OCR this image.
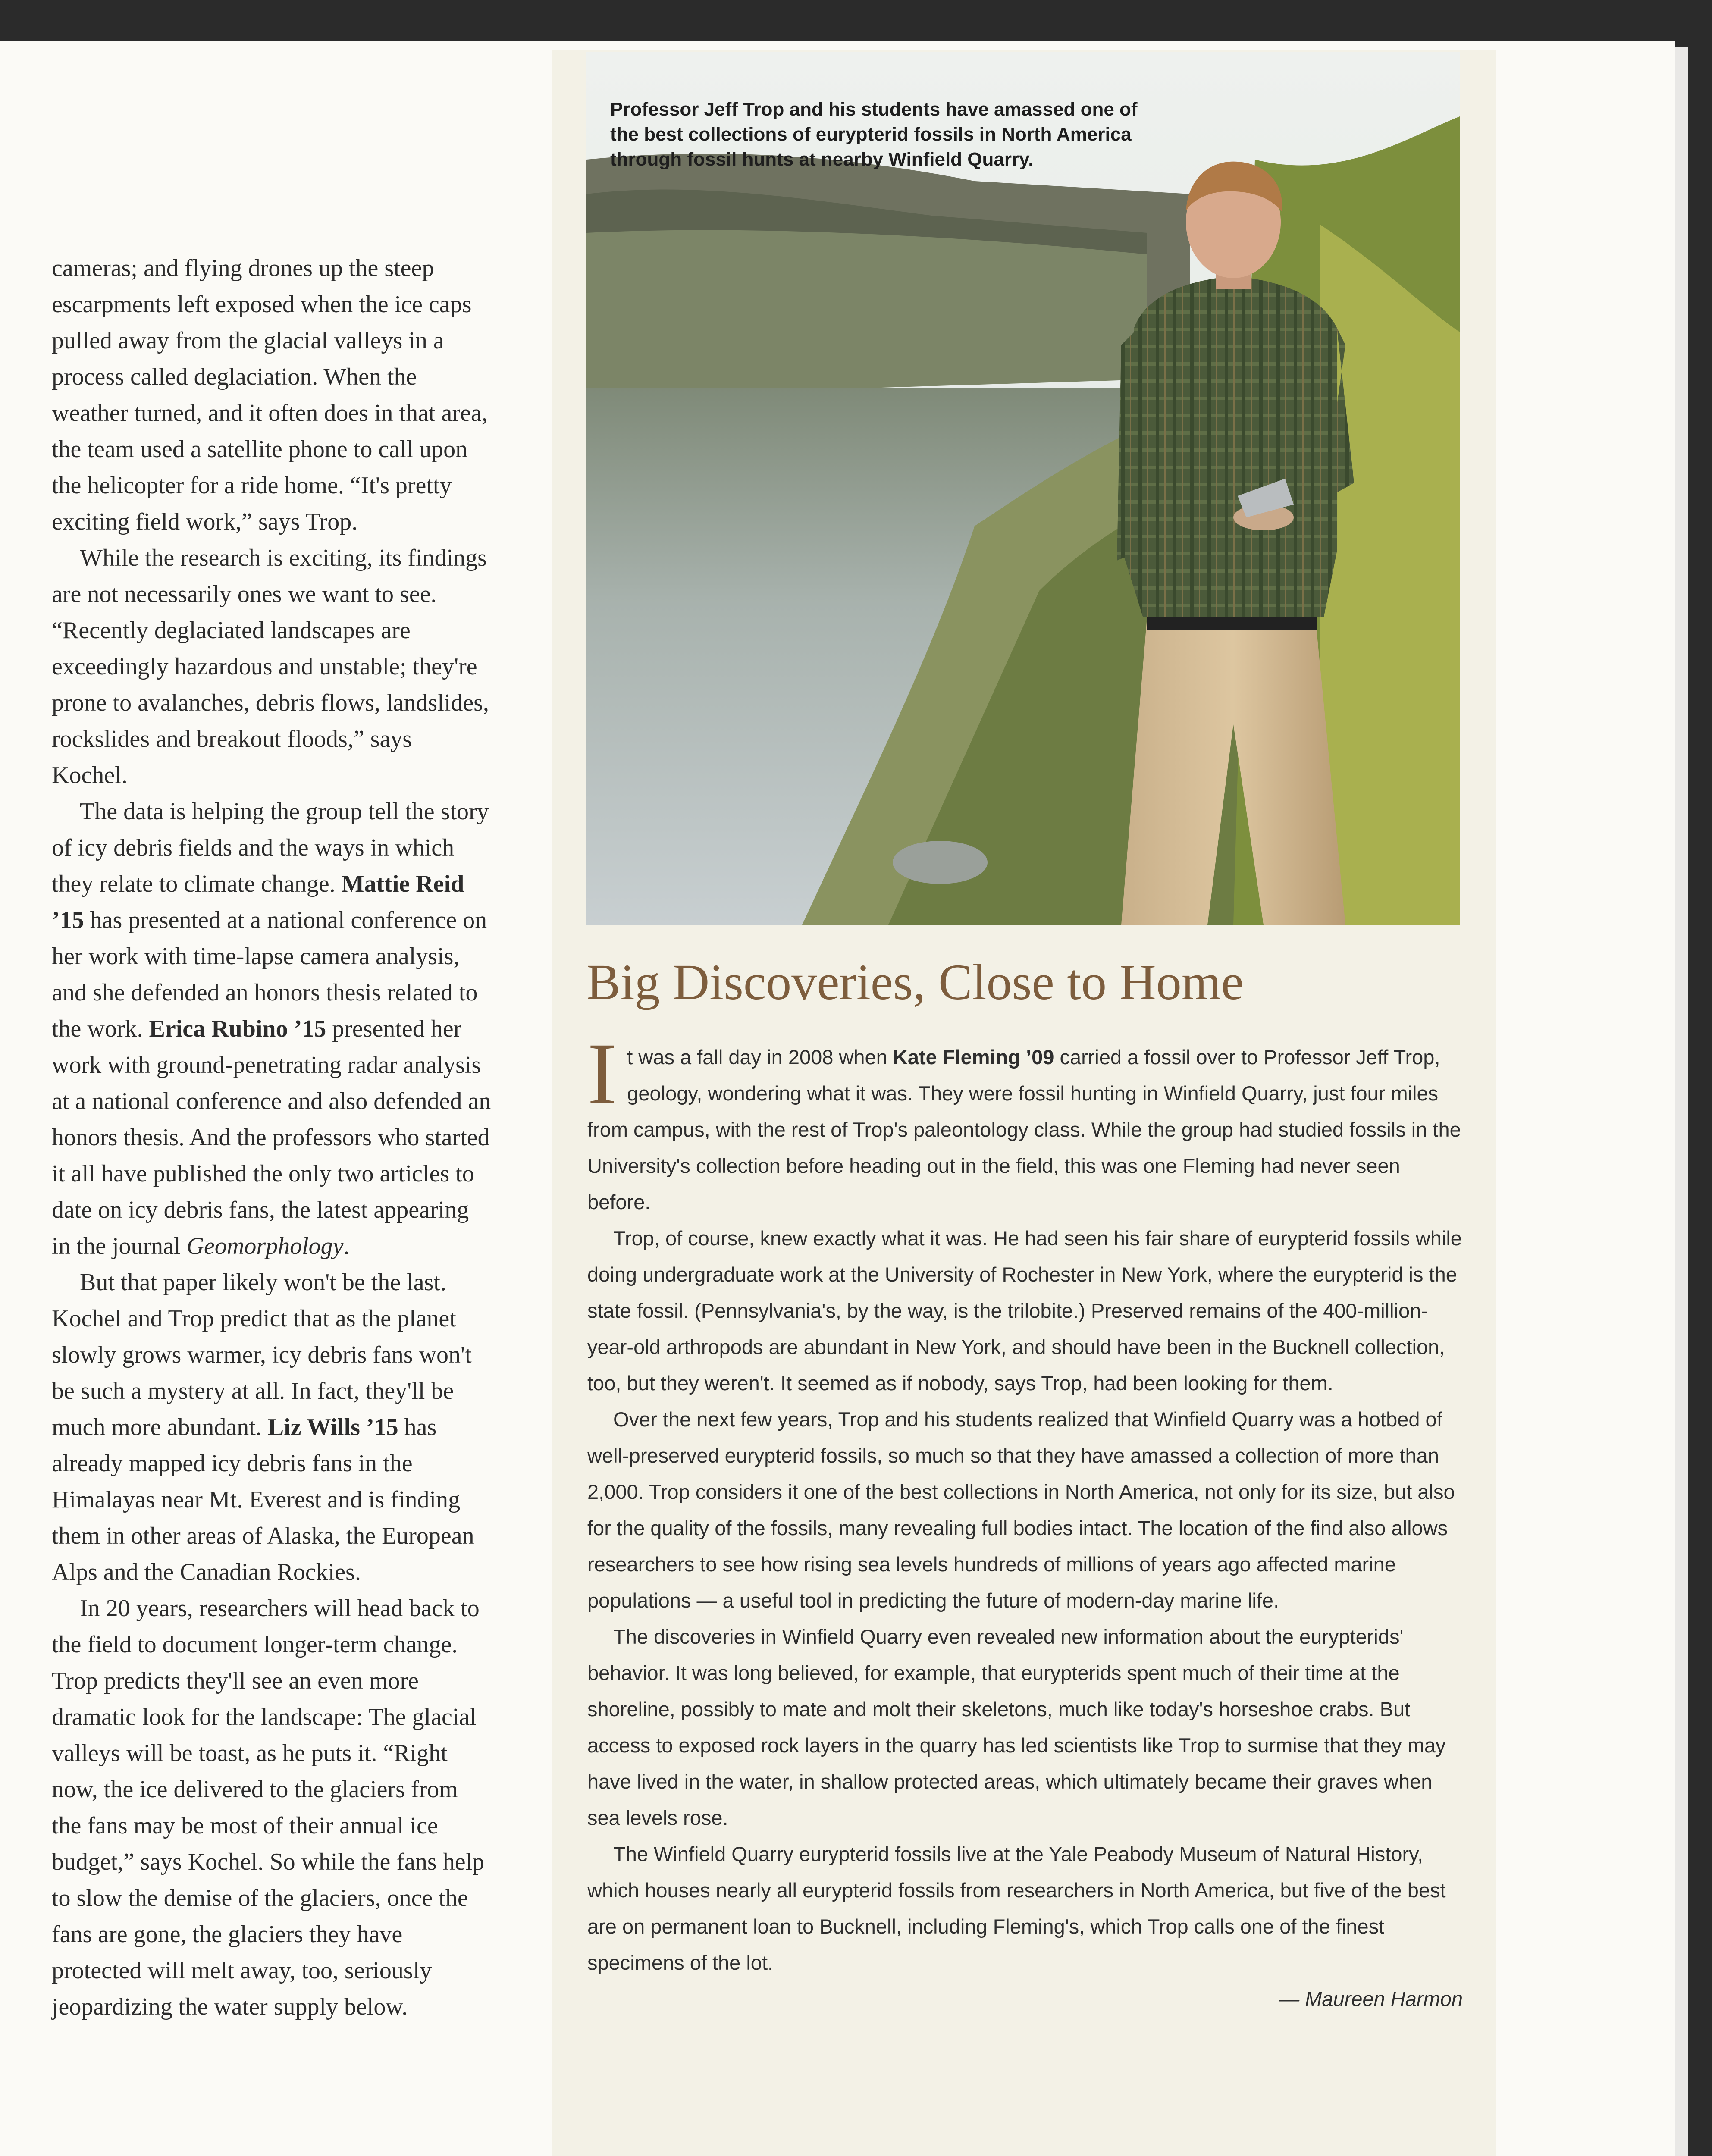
cameras; and flying drones up the steep escarpments left exposed when the ice caps pulled away from the glacial valleys in a process called deglaciation. When the weather turned, and it often does in that area, the team used a satellite phone to call upon the helicopter for a ride home. “It's pretty exciting field work,” says Trop.

While the research is exciting, its findings are not necessarily ones we want to see. “Recently deglaciated landscapes are exceedingly hazardous and unstable; they're prone to avalanches, debris flows, landslides, rockslides and breakout floods,” says Kochel.

The data is helping the group tell the story of icy debris fields and the ways in which they relate to climate change. Mattie Reid ’15 has presented at a national conference on her work with time-lapse camera analysis, and she defended an honors thesis related to the work. Erica Rubino ’15 presented her work with ground-penetrating radar analysis at a national conference and also defended an honors thesis. And the professors who started it all have published the only two articles to date on icy debris fans, the latest appearing in the journal Geomorphology.

But that paper likely won't be the last. Kochel and Trop predict that as the planet slowly grows warmer, icy debris fans won't be such a mystery at all. In fact, they'll be much more abundant. Liz Wills ’15 has already mapped icy debris fans in the Himalayas near Mt. Everest and is finding them in other areas of Alaska, the European Alps and the Canadian Rockies.

In 20 years, researchers will head back to the field to document longer-term change. Trop predicts they'll see an even more dramatic look for the landscape: The glacial valleys will be toast, as he puts it. “Right now, the ice delivered to the glaciers from the fans may be most of their annual ice budget,” says Kochel. So while the fans help to slow the demise of the glaciers, once the fans are gone, the glaciers they have protected will melt away, too, seriously jeopardizing the water supply below.

Professor Jeff Trop and his students have amassed one of the best collections of eurypterid fossils in North America through fossil hunts at nearby Winfield Quarry.

Big Discoveries, Close to Home

It was a fall day in 2008 when Kate Fleming ’09 carried a fossil over to Professor Jeff Trop, geology, wondering what it was. They were fossil hunting in Winfield Quarry, just four miles from campus, with the rest of Trop's paleontology class. While the group had studied fossils in the University's collection before heading out in the field, this was one Fleming had never seen before.

Trop, of course, knew exactly what it was. He had seen his fair share of eurypterid fossils while doing undergraduate work at the University of Rochester in New York, where the eurypterid is the state fossil. (Pennsylvania's, by the way, is the trilobite.) Preserved remains of the 400-million-year-old arthropods are abundant in New York, and should have been in the Bucknell collection, too, but they weren't. It seemed as if nobody, says Trop, had been looking for them.

Over the next few years, Trop and his students realized that Winfield Quarry was a hotbed of well-preserved eurypterid fossils, so much so that they have amassed a collection of more than 2,000. Trop considers it one of the best collections in North America, not only for its size, but also for the quality of the fossils, many revealing full bodies intact. The location of the find also allows researchers to see how rising sea levels hundreds of millions of years ago affected marine populations — a useful tool in predicting the future of modern-day marine life.

The discoveries in Winfield Quarry even revealed new information about the eurypterids' behavior. It was long believed, for example, that eurypterids spent much of their time at the shoreline, possibly to mate and molt their skeletons, much like today's horseshoe crabs. But access to exposed rock layers in the quarry has led scientists like Trop to surmise that they may have lived in the water, in shallow protected areas, which ultimately became their graves when sea levels rose.

The Winfield Quarry eurypterid fossils live at the Yale Peabody Museum of Natural History, which houses nearly all eurypterid fossils from researchers in North America, but five of the best are on permanent loan to Bucknell, including Fleming's, which Trop calls one of the finest specimens of the lot.

— Maureen Harmon
